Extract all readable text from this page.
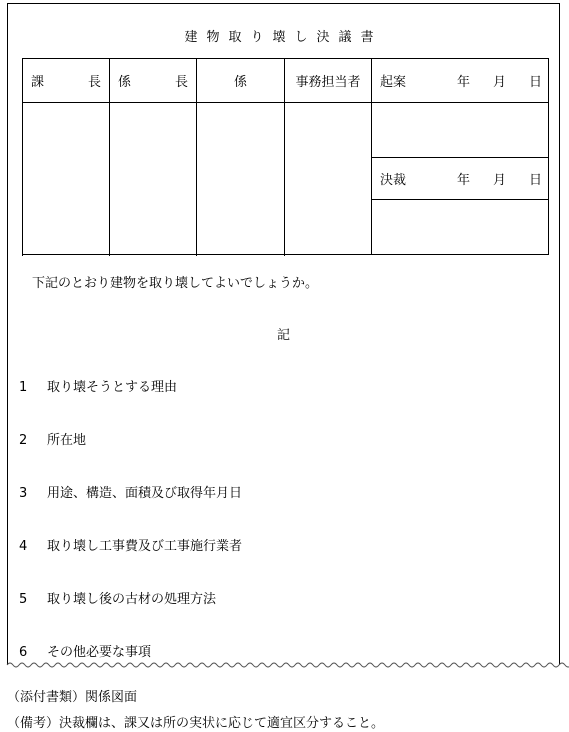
建物取り壊し決議書
課 長	係 長	係	事務担当者	起案 年 月 日

				決裁 年 月 日

下記のとおり建物を取り壊してよいでしょうか。
記
1 取り壊そうとする理由
2 所在地
3 用途、構造、面積及び取得年月日
4 取り壊し工事費及び工事施行業者
5 取り壊し後の古材の処理方法
6 その他必要な事項
（添付書類）関係図面
（備考）決裁欄は、課又は所の実状に応じて適宜区分すること。
